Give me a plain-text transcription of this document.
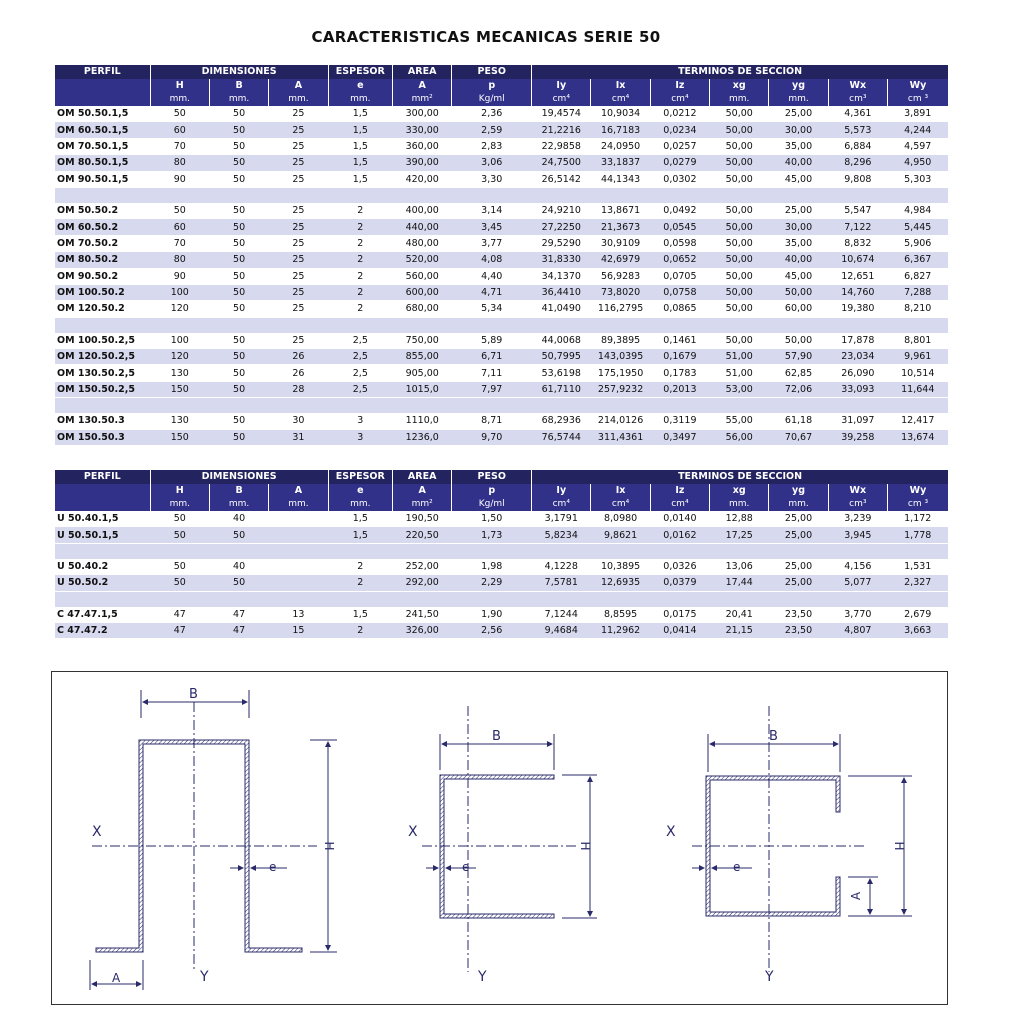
CARACTERISTICAS MECANICAS SERIE 50
PERFIL	DIMENSIONES			ESPESOR	AREA	PESO	TERMINOS DE SECCION						
	H	B	A	e	A	p	Iy	Ix	Iz	xg	yg	Wx	Wy
	mm.	mm.	mm.	mm.	mm²	Kg/ml	cm⁴	cm⁴	cm⁴	mm.	mm.	cm³	cm ³
OM 50.50.1,5	50	50	25	1,5	300,00	2,36	19,4574	10,9034	0,0212	50,00	25,00	4,361	3,891
OM 60.50.1,5	60	50	25	1,5	330,00	2,59	21,2216	16,7183	0,0234	50,00	30,00	5,573	4,244
OM 70.50.1,5	70	50	25	1,5	360,00	2,83	22,9858	24,0950	0,0257	50,00	35,00	6,884	4,597
OM 80.50.1,5	80	50	25	1,5	390,00	3,06	24,7500	33,1837	0,0279	50,00	40,00	8,296	4,950
OM 90.50.1,5	90	50	25	1,5	420,00	3,30	26,5142	44,1343	0,0302	50,00	45,00	9,808	5,303

OM 50.50.2	50	50	25	2	400,00	3,14	24,9210	13,8671	0,0492	50,00	25,00	5,547	4,984
OM 60.50.2	60	50	25	2	440,00	3,45	27,2250	21,3673	0,0545	50,00	30,00	7,122	5,445
OM 70.50.2	70	50	25	2	480,00	3,77	29,5290	30,9109	0,0598	50,00	35,00	8,832	5,906
OM 80.50.2	80	50	25	2	520,00	4,08	31,8330	42,6979	0,0652	50,00	40,00	10,674	6,367
OM 90.50.2	90	50	25	2	560,00	4,40	34,1370	56,9283	0,0705	50,00	45,00	12,651	6,827
OM 100.50.2	100	50	25	2	600,00	4,71	36,4410	73,8020	0,0758	50,00	50,00	14,760	7,288
OM 120.50.2	120	50	25	2	680,00	5,34	41,0490	116,2795	0,0865	50,00	60,00	19,380	8,210

OM 100.50.2,5	100	50	25	2,5	750,00	5,89	44,0068	89,3895	0,1461	50,00	50,00	17,878	8,801
OM 120.50.2,5	120	50	26	2,5	855,00	6,71	50,7995	143,0395	0,1679	51,00	57,90	23,034	9,961
OM 130.50.2,5	130	50	26	2,5	905,00	7,11	53,6198	175,1950	0,1783	51,00	62,85	26,090	10,514
OM 150.50.2,5	150	50	28	2,5	1015,0	7,97	61,7110	257,9232	0,2013	53,00	72,06	33,093	11,644

OM 130.50.3	130	50	30	3	1110,0	8,71	68,2936	214,0126	0,3119	55,00	61,18	31,097	12,417
OM 150.50.3	150	50	31	3	1236,0	9,70	76,5744	311,4361	0,3497	56,00	70,67	39,258	13,674
PERFIL	DIMENSIONES			ESPESOR	AREA	PESO	TERMINOS DE SECCION						
	H	B	A	e	A	p	Iy	Ix	Iz	xg	yg	Wx	Wy
	mm.	mm.	mm.	mm.	mm²	Kg/ml	cm⁴	cm⁴	cm⁴	mm.	mm.	cm³	cm ³
U 50.40.1,5	50	40		1,5	190,50	1,50	3,1791	8,0980	0,0140	12,88	25,00	3,239	1,172
U 50.50.1,5	50	50		1,5	220,50	1,73	5,8234	9,8621	0,0162	17,25	25,00	3,945	1,778

U 50.40.2	50	40		2	252,00	1,98	4,1228	10,3895	0,0326	13,06	25,00	4,156	1,531
U 50.50.2	50	50		2	292,00	2,29	7,5781	12,6935	0,0379	17,44	25,00	5,077	2,327

C 47.47.1,5	47	47	13	1,5	241,50	1,90	7,1244	8,8595	0,0175	20,41	23,50	3,770	2,679
C 47.47.2	47	47	15	2	326,00	2,56	9,4684	11,2962	0,0414	21,15	23,50	4,807	3,663
B
X
Y
H
A
e
B
X
Y
H
e
B
X
Y
H
A
e
